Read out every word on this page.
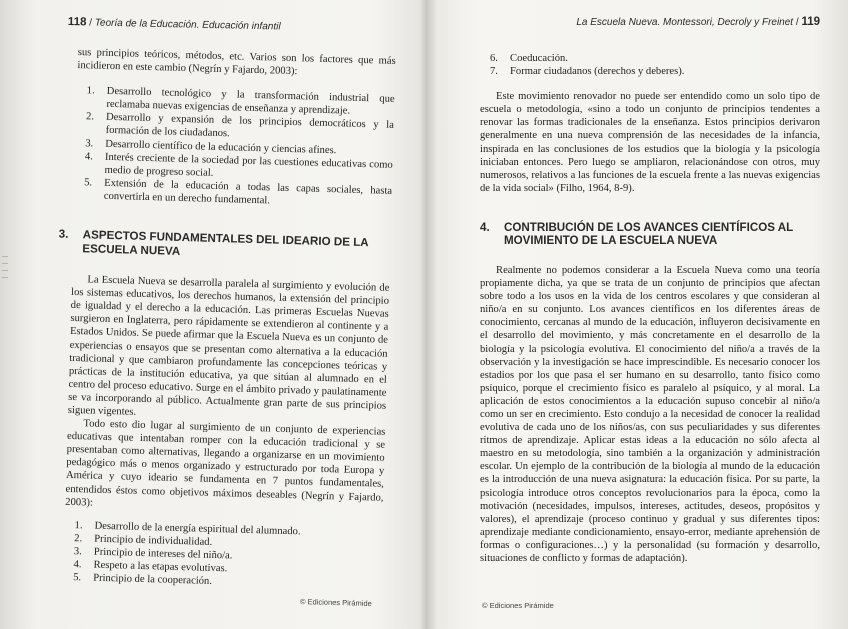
118 / Teoría de la Educación. Educación infantil

sus principios teóricos, métodos, etc. Varios son los factores que más incidieron en este cambio (Negrín y Fajardo, 2003):

1. Desarrollo tecnológico y la transformación industrial que reclamaba nuevas exigencias de enseñanza y aprendizaje.
2. Desarrollo y expansión de los principios democráticos y la formación de los ciudadanos.
3. Desarrollo científico de la educación y ciencias afines.
4. Interés creciente de la sociedad por las cuestiones educativas como medio de progreso social.
5. Extensión de la educación a todas las capas sociales, hasta convertirla en un derecho fundamental.
3. ASPECTOS FUNDAMENTALES DEL IDEARIO DE LA ESCUELA NUEVA

La Escuela Nueva se desarrolla paralela al surgimiento y evolución de los sistemas educativos, los derechos humanos, la extensión del principio de igualdad y el derecho a la educación. Las primeras Escuelas Nuevas surgieron en Inglaterra, pero rápidamente se extendieron al continente y a Estados Unidos. Se puede afirmar que la Escuela Nueva es un conjunto de experiencias o ensayos que se presentan como alternativa a la educación tradicional y que cambiaron profundamente las concepciones teóricas y prácticas de la institución educativa, ya que sitúan al alumnado en el centro del proceso educativo. Surge en el ámbito privado y paulatinamente se va incorporando al público. Actualmente gran parte de sus principios siguen vigentes.

Todo esto dio lugar al surgimiento de un conjunto de experiencias educativas que intentaban romper con la educación tradicional y se presentaban como alternativas, llegando a organizarse en un movimiento pedagógico más o menos organizado y estructurado por toda Europa y América y cuyo ideario se fundamenta en 7 puntos fundamentales, entendidos éstos como objetivos máximos deseables (Negrín y Fajardo, 2003):

1. Desarrollo de la energía espiritual del alumnado.
2. Principio de individualidad.
3. Principio de intereses del niño/a.
4. Respeto a las etapas evolutivas.
5. Principio de la cooperación.
© Ediciones Pirámide
La Escuela Nueva. Montessori, Decroly y Freinet / 119
6. Coeducación.
7. Formar ciudadanos (derechos y deberes).

Este movimiento renovador no puede ser entendido como un solo tipo de escuela o metodología, «sino a todo un conjunto de principios tendentes a renovar las formas tradicionales de la enseñanza. Estos principios derivaron generalmente en una nueva comprensión de las necesidades de la infancia, inspirada en las conclusiones de los estudios que la biología y la psicología iniciaban entonces. Pero luego se ampliaron, relacionándose con otros, muy numerosos, relativos a las funciones de la escuela frente a las nuevas exigencias de la vida social» (Filho, 1964, 8-9).

4. CONTRIBUCIÓN DE LOS AVANCES CIENTÍFICOS AL MOVIMIENTO DE LA ESCUELA NUEVA

Realmente no podemos considerar a la Escuela Nueva como una teoría propiamente dicha, ya que se trata de un conjunto de principios que afectan sobre todo a los usos en la vida de los centros escolares y que consideran al niño/a en su conjunto. Los avances científicos en los diferentes áreas de conocimiento, cercanas al mundo de la educación, influyeron decisivamente en el desarrollo del movimiento, y más concretamente en el desarrollo de la biología y la psicología evolutiva. El conocimiento del niño/a a través de la observación y la investigación se hace imprescindible. Es necesario conocer los estadios por los que pasa el ser humano en su desarrollo, tanto físico como psíquico, porque el crecimiento físico es paralelo al psíquico, y al moral. La aplicación de estos conocimientos a la educación supuso concebir al niño/a como un ser en crecimiento. Esto condujo a la necesidad de conocer la realidad evolutiva de cada uno de los niños/as, con sus peculiaridades y sus diferentes ritmos de aprendizaje. Aplicar estas ideas a la educación no sólo afecta al maestro en su metodología, sino también a la organización y administración escolar. Un ejemplo de la contribución de la biología al mundo de la educación es la introducción de una nueva asignatura: la educación física. Por su parte, la psicología introduce otros conceptos revolucionarios para la época, como la motivación (necesidades, impulsos, intereses, actitudes, deseos, propósitos y valores), el aprendizaje (proceso continuo y gradual y sus diferentes tipos: aprendizaje mediante condicionamiento, ensayo-error, mediante aprehensión de formas o configuraciones…) y la personalidad (su formación y desarrollo, situaciones de conflicto y formas de adaptación).

© Ediciones Pirámide
